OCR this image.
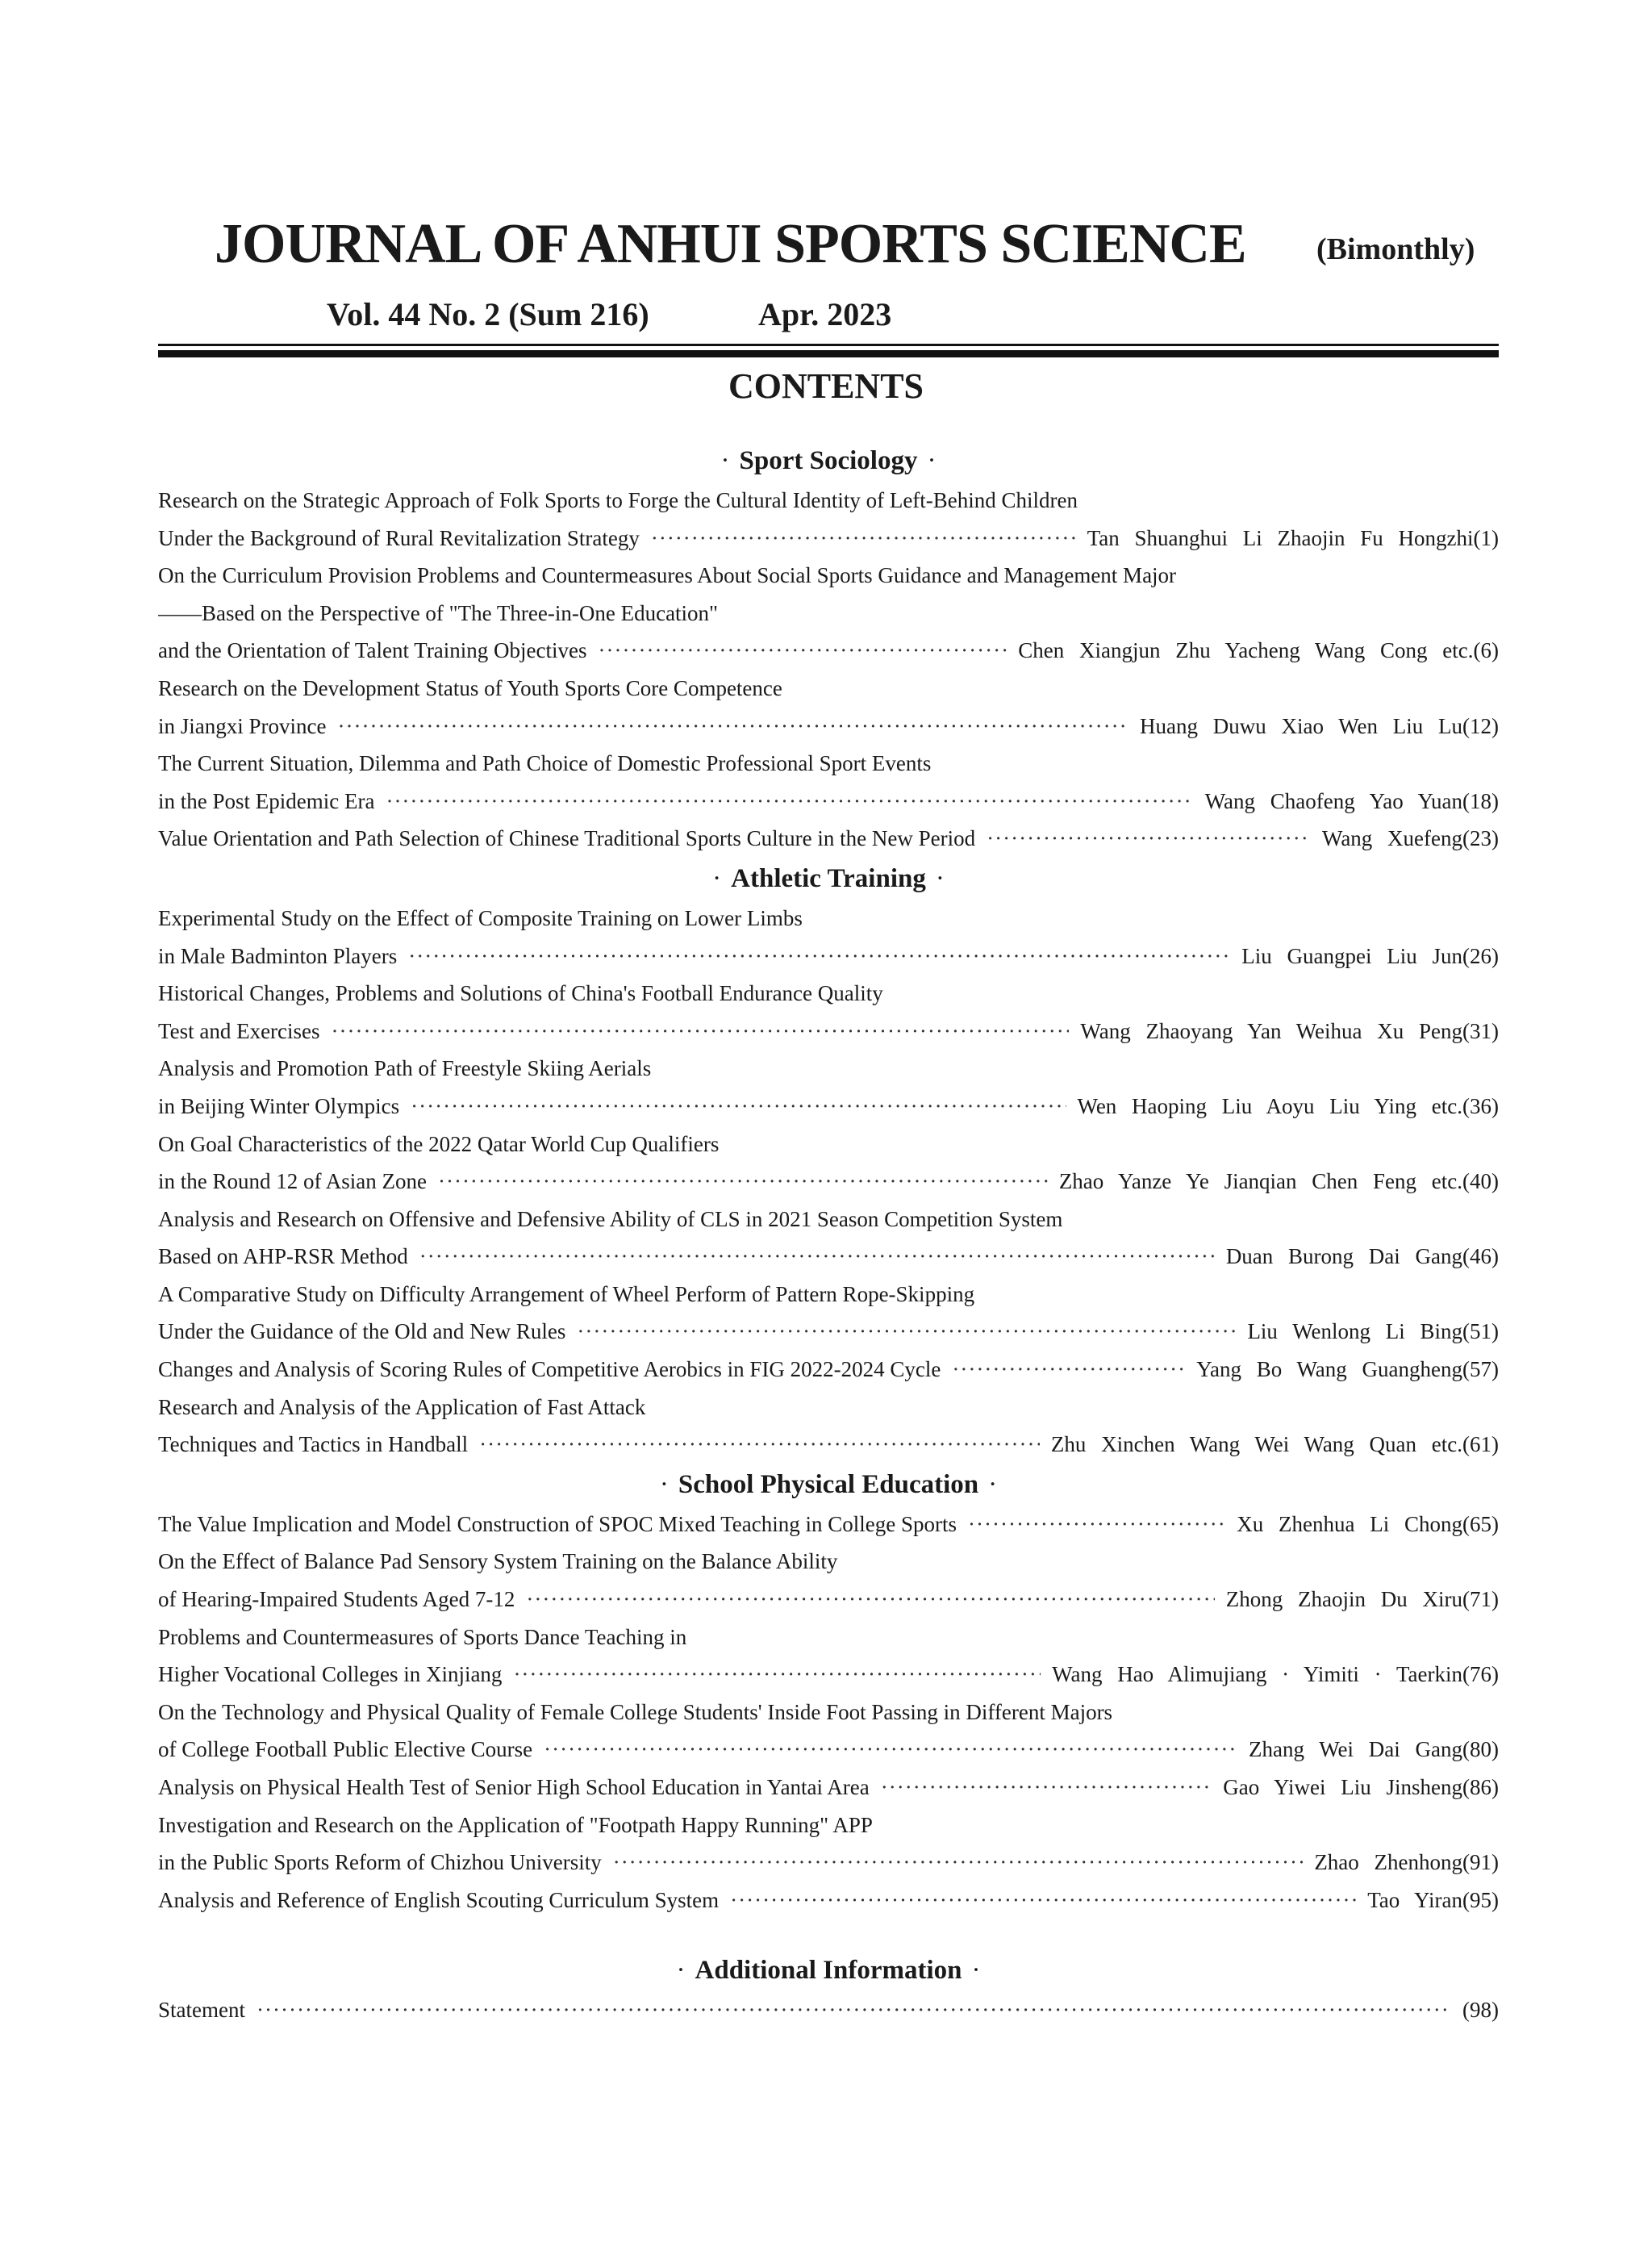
JOURNAL OF ANHUI SPORTS SCIENCE (Bimonthly)
Vol. 44 No. 2 (Sum 216)	Apr. 2023
CONTENTS
· Sport Sociology ·
Research on the Strategic Approach of Folk Sports to Forge the Cultural Identity of Left-Behind Children
Under the Background of Rural Revitalization Strategy ·····	Tan Shuanghui Li Zhaojin Fu Hongzhi (1)
On the Curriculum Provision Problems and Countermeasures About Social Sports Guidance and Management Major
——Based on the Perspective of "The Three-in-One Education"
and the Orientation of Talent Training Objectives ·····	Chen Xiangjun Zhu Yacheng Wang Cong etc. (6)
Research on the Development Status of Youth Sports Core Competence
in Jiangxi Province ·····	Huang Duwu Xiao Wen Liu Lu (12)
The Current Situation, Dilemma and Path Choice of Domestic Professional Sport Events
in the Post Epidemic Era ·····	Wang Chaofeng Yao Yuan (18)
Value Orientation and Path Selection of Chinese Traditional Sports Culture in the New Period ·····	Wang Xuefeng (23)
· Athletic Training ·
Experimental Study on the Effect of Composite Training on Lower Limbs
in Male Badminton Players ·····	Liu Guangpei Liu Jun (26)
Historical Changes, Problems and Solutions of China's Football Endurance Quality
Test and Exercises ·····	Wang Zhaoyang Yan Weihua Xu Peng (31)
Analysis and Promotion Path of Freestyle Skiing Aerials
in Beijing Winter Olympics ·····	Wen Haoping Liu Aoyu Liu Ying etc. (36)
On Goal Characteristics of the 2022 Qatar World Cup Qualifiers
in the Round 12 of Asian Zone ·····	Zhao Yanze Ye Jianqian Chen Feng etc. (40)
Analysis and Research on Offensive and Defensive Ability of CLS in 2021 Season Competition System
Based on AHP-RSR Method ·····	Duan Burong Dai Gang (46)
A Comparative Study on Difficulty Arrangement of Wheel Perform of Pattern Rope-Skipping
Under the Guidance of the Old and New Rules ·····	Liu Wenlong Li Bing (51)
Changes and Analysis of Scoring Rules of Competitive Aerobics in FIG 2022-2024 Cycle ·····	Yang Bo Wang Guangheng (57)
Research and Analysis of the Application of Fast Attack
Techniques and Tactics in Handball ·····	Zhu Xinchen Wang Wei Wang Quan etc. (61)
· School Physical Education ·
The Value Implication and Model Construction of SPOC Mixed Teaching in College Sports ·····	Xu Zhenhua Li Chong (65)
On the Effect of Balance Pad Sensory System Training on the Balance Ability
of Hearing-Impaired Students Aged 7-12 ·····	Zhong Zhaojin Du Xiru (71)
Problems and Countermeasures of Sports Dance Teaching in
Higher Vocational Colleges in Xinjiang ·····	Wang Hao Alimujiang · Yimiti · Taerkin (76)
On the Technology and Physical Quality of Female College Students' Inside Foot Passing in Different Majors
of College Football Public Elective Course ·····	Zhang Wei Dai Gang (80)
Analysis on Physical Health Test of Senior High School Education in Yantai Area ·····	Gao Yiwei Liu Jinsheng (86)
Investigation and Research on the Application of "Footpath Happy Running" APP
in the Public Sports Reform of Chizhou University ·····	Zhao Zhenhong (91)
Analysis and Reference of English Scouting Curriculum System ·····	Tao Yiran (95)
· Additional Information ·
Statement ·····	(98)
